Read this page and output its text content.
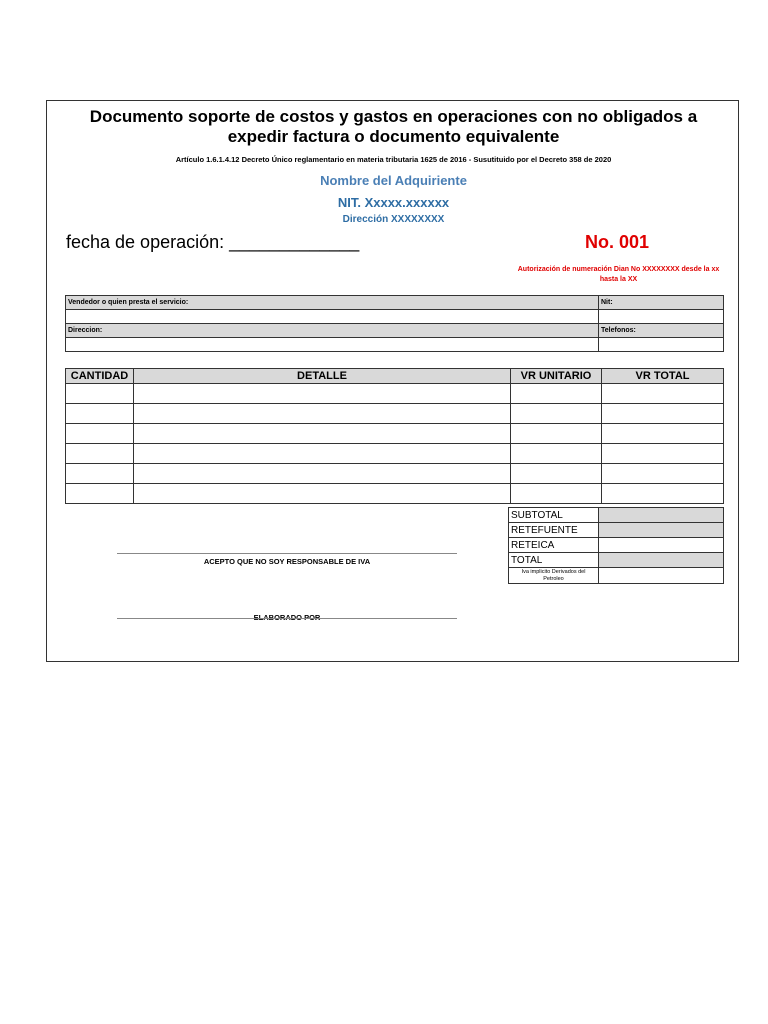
Documento soporte de costos y gastos en operaciones con no obligados a
expedir factura o documento equivalente
Artículo 1.6.1.4.12 Decreto Único reglamentario en materia tributaria 1625 de 2016 - Susutituido por el Decreto 358 de 2020
Nombre del Adquiriente
NIT. Xxxxx.xxxxxx
Dirección XXXXXXXX
fecha de operación: _____________	No. 001
Autorización de numeración Dian No XXXXXXXX desde la xx
hasta la XX
Vendedor o quien presta el servicio:	Nit:

Direccion:	Telefonos:

CANTIDAD	DETALLE	VR UNITARIO	VR TOTAL

SUBTOTAL	
RETEFUENTE	
RETEICA	
TOTAL	
Iva implicito Derivados del Petroleo	
ACEPTO QUE NO SOY RESPONSABLE DE IVA
ELABORADO POR
